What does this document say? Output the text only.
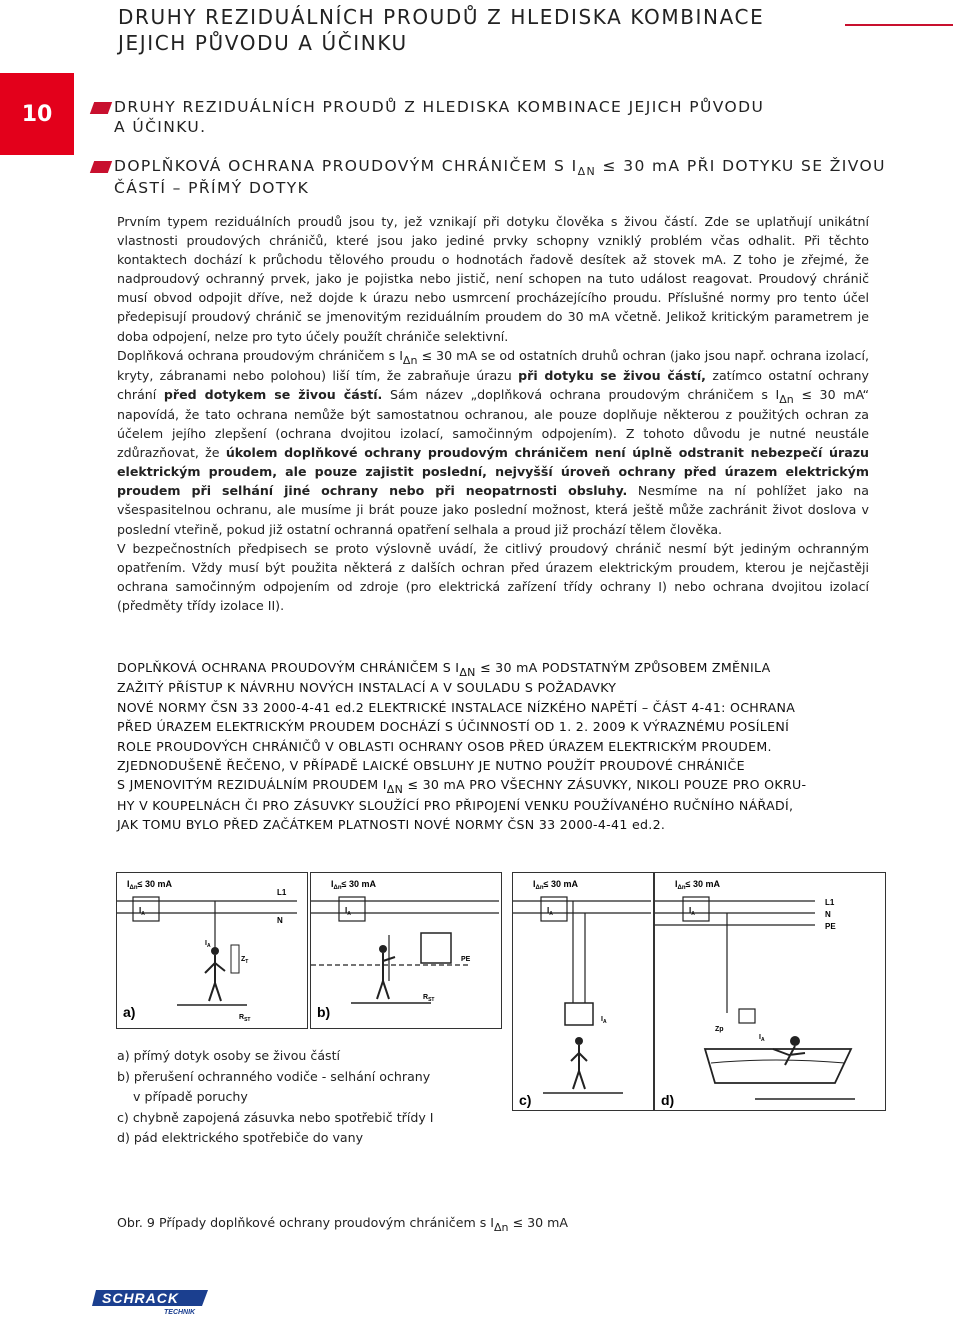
DRUHY REZIDUÁLNÍCH PROUDŮ Z HLEDISKA KOMBINACE
JEJICH PŮVODU A ÚČINKU
10	DRUHY REZIDUÁLNÍCH PROUDŮ Z HLEDISKA KOMBINACE JEJICH PŮVODU
A ÚČINKU.
DOPLŇKOVÁ OCHRANA PROUDOVÝM CHRÁNIČEM S $I_{\Delta N} \le 30$ mA PŘI DOTYKU SE ŽIVOU
ČÁSTÍ – PŘÍMÝ DOTYK

Prvním typem reziduálních proudů jsou ty, jež vznikají při dotyku člověka s živou částí. Zde se uplatňují unikátní vlastnosti proudových chráničů, které jsou jako jediné prvky schopny vzniklý problém včas odhalit. Při těchto kontaktech dochází k průchodu tělového proudu o hodnotách řadově desítek až stovek mA. Z toho je zřejmé, že nadproudový ochranný prvek, jako je pojistka nebo jistič, není schopen na tuto událost reagovat. Proudový chránič musí obvod odpojit dříve, než dojde k úrazu nebo usmrcení procházejícího proudu. Příslušné normy pro tento účel předepisují proudový chránič se jmenovitým reziduálním proudem do 30 mA včetně. Jelikož kritickým parametrem je doba odpojení, nelze pro tyto účely použít chrániče selektivní.

Doplňková ochrana proudovým chráničem s IΔn ≤ 30 mA se od ostatních druhů ochran (jako jsou např. ochrana izolací, kryty, zábranami nebo polohou) liší tím, že zabraňuje úrazu při dotyku se živou částí, zatímco ostatní ochrany chrání před dotykem se živou částí. Sám název „doplňková ochrana proudovým chráničem s IΔn ≤ 30 mA“ napovídá, že tato ochrana nemůže být samostatnou ochranou, ale pouze doplňuje některou z použitých ochran za účelem jejího zlepšení (ochrana dvojitou izolací, samočinným odpojením). Z tohoto důvodu je nutné neustále zdůrazňovat, že úkolem doplňkové ochrany proudovým chráničem není úplně odstranit nebezpečí úrazu elektrickým proudem, ale pouze zajistit poslední, nejvyšší úroveň ochrany před úrazem elektrickým proudem při selhání jiné ochrany nebo při neopatrnosti obsluhy. Nesmíme na ní pohlížet jako na všespasitelnou ochranu, ale musíme ji brát pouze jako poslední možnost, která ještě může zachránit život doslova v poslední vteřině, pokud již ostatní ochranná opatření selhala a proud již prochází tělem člověka.

V bezpečnostních předpisech se proto výslovně uvádí, že citlivý proudový chránič nesmí být jediným ochranným opatřením. Vždy musí být použita některá z dalších ochran před úrazem elektrickým proudem, kterou je nejčastěji ochrana samočinným odpojením od zdroje (pro elektrická zařízení třídy ochrany I) nebo ochrana dvojitou izolací (předměty třídy izolace II).

DOPLŇKOVÁ OCHRANA PROUDOVÝM CHRÁNIČEM S IΔN ≤ 30 mA PODSTATNÝM ZPŮSOBEM ZMĚNILA

ZAŽITÝ PŘÍSTUP K NÁVRHU NOVÝCH INSTALACÍ A V SOULADU S POŽADAVKY

NOVÉ NORMY ČSN 33 2000-4-41 ed.2 ELEKTRICKÉ INSTALACE NÍZKÉHO NAPĚTÍ – ČÁST 4-41: OCHRANA

PŘED ÚRAZEM ELEKTRICKÝM PROUDEM DOCHÁZÍ S ÚČINNOSTÍ OD 1. 2. 2009 K VÝRAZNÉMU POSÍLENÍ

ROLE PROUDOVÝCH CHRÁNIČŮ V OBLASTI OCHRANY OSOB PŘED ÚRAZEM ELEKTRICKÝM PROUDEM.

ZJEDNODUŠENĚ ŘEČENO, V PŘÍPADĚ LAICKÉ OBSLUHY JE NUTNO POUŽÍT PROUDOVÉ CHRÁNIČE

S JMENOVITÝM REZIDUÁLNÍM PROUDEM IΔN ≤ 30 mA PRO VŠECHNY ZÁSUVKY, NIKOLI POUZE PRO OKRU-

HY V KOUPELNÁCH ČI PRO ZÁSUVKY SLOUŽÍCÍ PRO PŘIPOJENÍ VENKU POUŽÍVANÉHO RUČNÍHO NÁŘADÍ,

JAK TOMU BYLO PŘED ZAČÁTKEM PLATNOSTI NOVÉ NORMY ČSN 33 2000-4-41 ed.2.

$I_{\Delta n}\le 30$ mA
$I_A$
L1
N
$Z_T$
$I_A$
$R_{ST}$
a)
$I_{\Delta n}\le 30$ mA
$I_A$
PE
$R_{ST}$
b)
$I_{\Delta n}\le 30$ mA
$I_A$
$I_A$
c)
$I_{\Delta n}\le 30$ mA
$I_A$
L1
N
PE
Zp
$I_A$
d)
a) přímý dotyk osoby se živou částí
b) přerušení ochranného vodiče - selhání ochrany
v případě poruchy
c) chybně zapojená zásuvka nebo spotřebič třídy I
d) pád elektrického spotřebiče do vany
Obr. 9 Případy doplňkové ochrany proudovým chráničem s IΔn ≤ 30 mA
SCHRACK
TECHNIK
